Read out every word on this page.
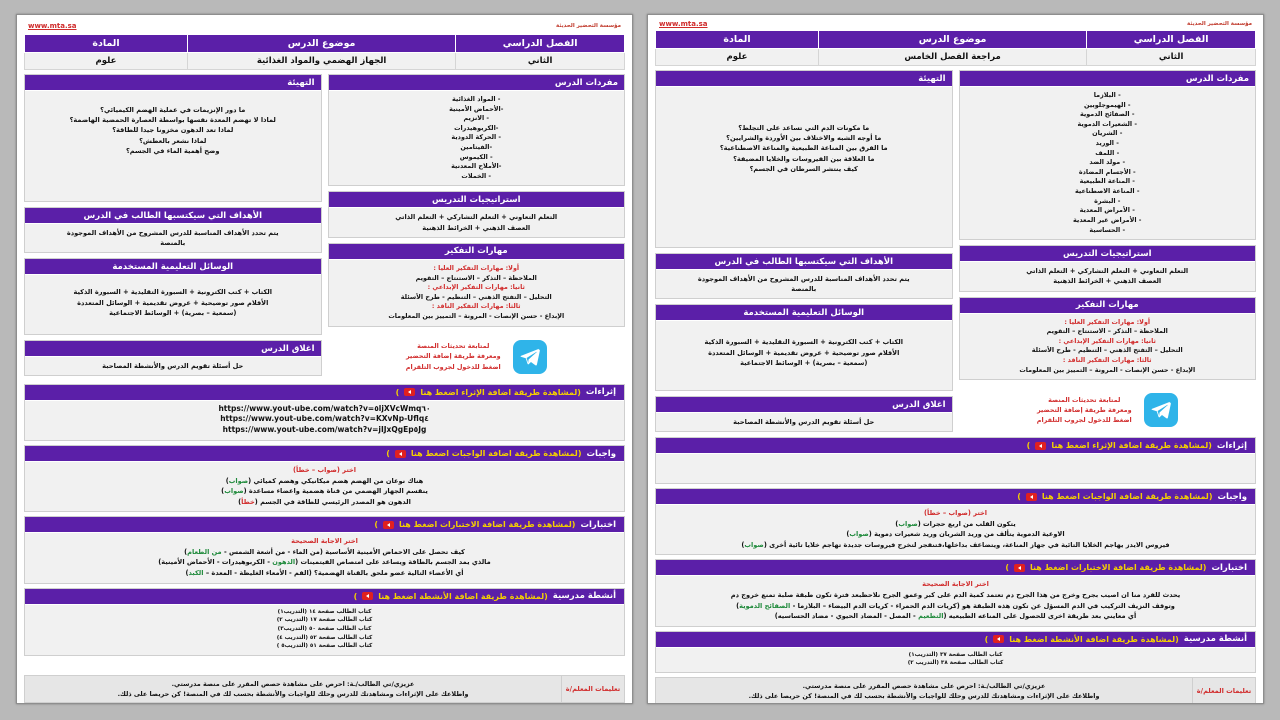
مؤسسة التحضير الحديثة
www.mta.sa
الفصل الدراسي	موضوع الدرس	المادة
الثاني	الجهاز الهضمي والمواد الغذائية	علوم
مفردات الدرس
- المواد الغذائية
-الأحماض الأمينية
- الانزيم
-الكربوهيدرات
- الحركة الدودية
-الفيتامين
- الكيموس
-الأملاح المعدنية
- الخملات
استراتيجيات التدريس
التعلم التعاوني + التعلم التشاركي + التعلم الذاتي
العصف الذهني + الخرائط الذهنية
مهارات التفكير
أولا: مهارات التفكير العليا :
الملاحظة – التذكر – الاستنتاج – التقويم
ثانيا: مهارات التفكير الإبداعي :
التحليل – التفتح الذهني – التنظيم - طرح الأسئلة
ثالثا: مهارات التفكير الناقد :
الإبداع - حسن الإنصات - المرونة – التمييز بين المعلومات
لمتابعة تحديثات المنصة
ومعرفة طريقة إضافة التحضير
اضغط للدخول لجروب التلقرام
التهيئة
ما دور الإنزيمات في عملية الهضم الكيميائي؟
لماذا لا تهضم المعدة نفسها بواسطة العصارة الحمضية الهاضمة؟
لماذا تعد الدهون مخزونا جيدا للطاقة؟
لماذا نشعر بالعطش؟
وضح أهمية الماء في الجسم؟
الأهداف التي سيكتسبها الطالب في الدرس
يتم تحدد الأهداف المناسبة للدرس المشروح من الأهداف الموجودة
بالمنصة
الوسائل التعليمية المستخدمة
الكتاب + كتب الكترونية + السبورة التقليدية + السبورة الذكية
الأقلام صور توضيحية + عروض تقديمية + الوسائل المتعددة
(سمعية – بصرية) + الوسائط الاجتماعية
اغلاق الدرس
حل أسئلة تقويم الدرس والأنشطة المصاحبة
إثراءات
(لمشاهدة طريقة اضافة الإثراء اضغط هنا
)
https://www.yout-ube.com/watch?v=٥ljXVcWmq٦٠
https://www.yout-ube.com/watch?v=KXvNp-Uflq٤
https://www.yout-ube.com/watch?v=jIJxQgEp٥Jg
واجبات
(لمشاهدة طريقة اضافة الواجبات اضغط هنا
)
اختر (صواب – خطأ)
هناك نوعان من الهضم هضم ميكانيكي وهضم كميائي (صواب)
ينقسم الجهاز الهضمي من قناة هضمية واعضاء مساعدة (صواب)
الدهون هو المصدر الرئيسي للطاقة في الجسم (خطأ)
اختبارات
(لمشاهدة طريقة اضافة الاختبارات اضغط هنا
)
اختر الاجابة الصحيحة
كيف تحصل على الاحماض الأمينية الأساسية (من الماء - من أشعة الشمس - من الطعام)
مالذي يمد الجسم بالطاقة ويساعد على امتصاص الفيتمينات (الدهون - الكربوهيدرات - الأحماض الأمينية)
أي الأعضاء التالية عضو ملحق بالقناة الهضمية؟ (الفم - الأمعاء الغليظة - المعدة – الكبد)
أنشطة مدرسية
(لمشاهدة طريقة اضافة الأنشطة اضغط هنا
)
كتاب الطالب صفحة ١٤ (التدريب١)
كتاب الطالب صفحة ١٧ (التدريب ٢)
كتاب الطالب صفحة ٥٠ (التدريب٣)
كتاب الطالب صفحة ٥٢ (التدريب ٤)
كتاب الطالب صفحة ٥١ (التدريب٥ )
تعليمات المعلم/ة
عزيزي/تي الطالب/ـة: احرص على مشاهدة حصص المقرر على منصة مدرستي.
واطلاعك على الإثراءات ومشاهدتك للدرس وحلك للواجبات والأنشطة بحسب لك في المنصة! كن حريصا على ذلك.
مؤسسة التحضير الحديثة
www.mta.sa
الفصل الدراسي	موضوع الدرس	المادة
الثاني	مراجعة الفصل الخامس	علوم
مفردات الدرس
- البلازما
- الهيموجلوبين
- الصفائح الدموية
- الشعيرات الدموية
- الشريان
- الوريد
- اللمف
- مولد الضد
- الأجسام المضادة
- المناعة الطبيعية
- المناعة الاصطناعية
- البشرة
- الأمراض المعدية
- الأمراض غير المعدية
- الحساسية
استراتيجيات التدريس
التعلم التعاوني + التعلم التشاركي + التعلم الذاتي
العصف الذهني + الخرائط الذهنية
مهارات التفكير
أولا: مهارات التفكير العليا :
الملاحظة – التذكر – الاستنتاج – التقويم
ثانيا: مهارات التفكير الإبداعي :
التحليل – التفتح الذهني – التنظيم - طرح الأسئلة
ثالثا: مهارات التفكير الناقد :
الإبداع - حسن الإنصات - المرونة – التمييز بين المعلومات
لمتابعة تحديثات المنصة
ومعرفة طريقة إضافة التحضير
اضغط للدخول لجروب التلقرام
التهيئة
ما مكونات الدم التي تساعد على التجلط؟
ما أوجه الشبه والاختلاف بين الأوردة والشرايين؟
ما الفرق بين المناعة الطبيعية والمناعة الاصطناعية؟
ما العلاقة بين الفيروسات والخلايا المضيفة؟
كيف ينتشر السرطان في الجسم؟
الأهداف التي سيكتسبها الطالب في الدرس
يتم تحدد الأهداف المناسبة للدرس المشروح من الأهداف الموجودة
بالمنصة
الوسائل التعليمية المستخدمة
الكتاب + كتب الكترونية + السبورة التقليدية + السبورة الذكية
الأقلام صور توضيحية + عروض تقديمية + الوسائل المتعددة
(سمعية – بصرية) + الوسائط الاجتماعية
اغلاق الدرس
حل أسئلة تقويم الدرس والأنشطة المصاحبة
إثراءات
(لمشاهدة طريقة اضافة الإثراء اضغط هنا
)
واجبات
(لمشاهدة طريقة اضافة الواجبات اضغط هنا
)
اختر (صواب – خطأ)
يتكون القلب من اربع حجرات (صواب)
الاوعية الدموية يتألف من وريد الشريان وريد شعيرات دموية (صواب)
فيروس الايدز يهاجم الخلايا التائية في جهاز المناعة، ويتضاعف بداخلها،فتنفجر لتخرج فيروسات جديدة تهاجم خلايا تائية أخرى (صواب)
اختبارات
(لمشاهدة طريقة اضافة الاختبارات اضغط هنا
)
اختر الاجابة الصحيحة
يحدث للفرد منا ان اصيب بجرح وخرج من هذا الجرح دم تعتمد كمية الدم على كبر وعمق الجرح نلاحظبعد فترة تكون طبقة صلبة تمنع خروج دم
وتوقف النزيف التركيب في الدم المسؤل عن تكون هذه الطبقة هو (كريات الدم الحمراء - كريات الدم البيضاء – البلازما - الصفائح الدموية)
أي معايني بعد طريقة اخرى للحصول على المناعه الطبيعيه (التطعيم - المصل - المضاد الحيوي - مضاد الحساسيه)
أنشطة مدرسية
(لمشاهدة طريقة اضافة الأنشطة اضغط هنا
)
كتاب الطالب صفحة ٣٧ (التدريب١)
كتاب الطالب صفحة ٣٨ (التدريب ٢)
تعليمات المعلم/ة
عزيزي/تي الطالب/ـة: احرص على مشاهدة حصص المقرر على منصة مدرستي.
واطلاعك على الإثراءات ومشاهدتك للدرس وحلك للواجبات والأنشطة بحسب لك في المنصة! كن حريصا على ذلك.
